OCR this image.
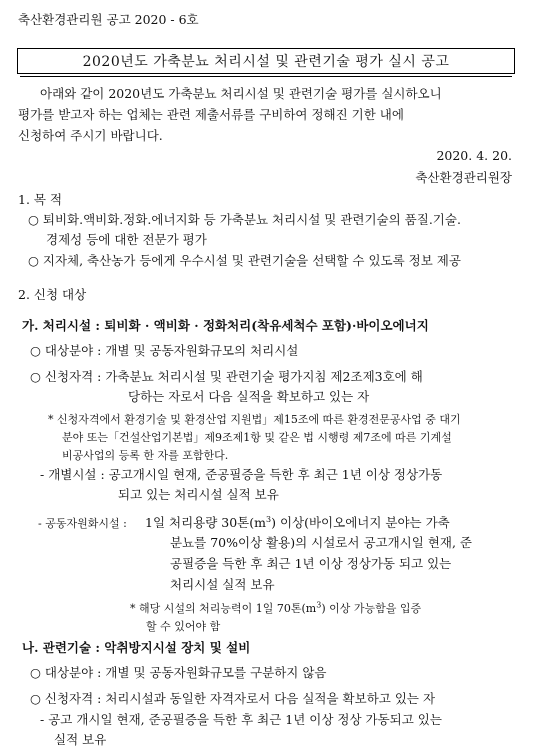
축산환경관리원 공고 2020 - 6호
2020년도 가축분뇨 처리시설 및 관련기술 평가 실시 공고
아래와 같이 2020년도 가축분뇨 처리시설 및 관련기술 평가를 실시하오니
평가를 받고자 하는 업체는 관련 제출서류를 구비하여 정해진 기한 내에
신청하여 주시기 바랍니다.
2020. 4. 20.
축산환경관리원장
1. 목 적
○ 퇴비화.액비화.정화.에너지화 등 가축분뇨 처리시설 및 관련기술의 품질.기술.
경제성 등에 대한 전문가 평가
○ 지자체, 축산농가 등에게 우수시설 및 관련기술을 선택할 수 있도록 정보 제공
2. 신청 대상
가. 처리시설 : 퇴비화 · 액비화 · 정화처리(착유세척수 포함)·바이오에너지
○ 대상분야 : 개별 및 공동자원화규모의 처리시설
○ 신청자격 : 가축분뇨 처리시설 및 관련기술 평가지침 제2조제3호에 해
당하는 자로서 다음 실적을 확보하고 있는 자
* 신청자격에서 환경기술 및 환경산업 지원법」제15조에 따른 환경전문공사업 중 대기
분야 또는「건설산업기본법」제9조제1항 및 같은 법 시행령 제7조에 따른 기계설
비공사업의 등록 한 자를 포함한다.
- 개별시설 : 공고개시일 현재, 준공필증을 득한 후 최근 1년 이상 정상가동
되고 있는 처리시설 실적 보유
- 공동자원화시설 : 1일 처리용량 30톤$(m^3)$ 이상(바이오에너지 분야는 가축
분뇨를 70%이상 활용)의 시설로서 공고개시일 현재, 준
공필증을 득한 후 최근 1년 이상 정상가동 되고 있는
처리시설 실적 보유
* 해당 시설의 처리능력이 1일 70톤$(m^3)$ 이상 가능함을 입증
할 수 있어야 함
나. 관련기술 : 악취방지시설 장치 및 설비
○ 대상분야 : 개별 및 공동자원화규모를 구분하지 않음
○ 신청자격 : 처리시설과 동일한 자격자로서 다음 실적을 확보하고 있는 자
- 공고 개시일 현재, 준공필증을 득한 후 최근 1년 이상 정상 가동되고 있는
실적 보유
